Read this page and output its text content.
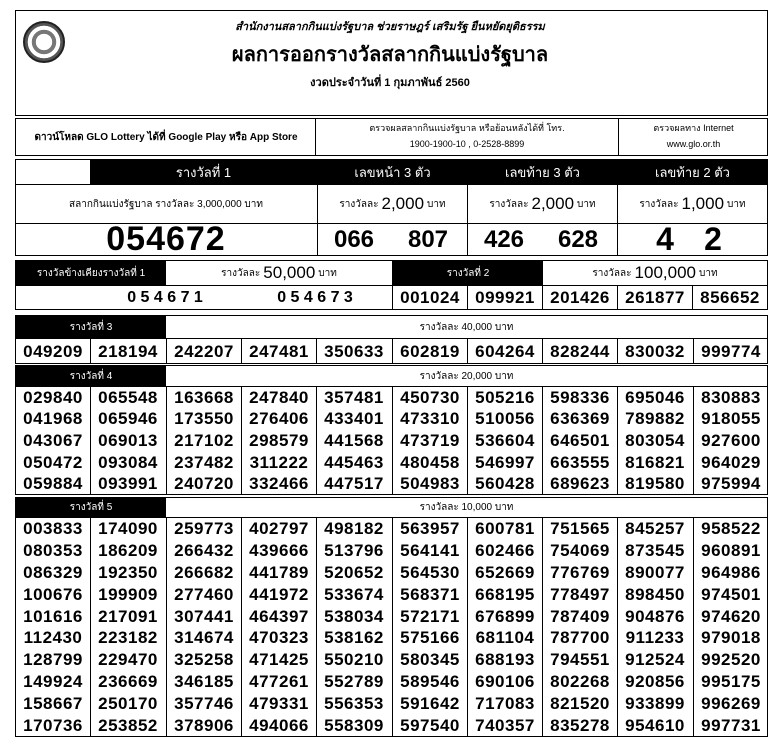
สำนักงานสลากกินแบ่งรัฐบาล ช่วยราษฎร์ เสริมรัฐ ยืนหยัดยุติธรรม
ผลการออกรางวัลสลากกินแบ่งรัฐบาล
งวดประจำวันที่ 1 กุมภาพันธ์ 2560
ดาวน์โหลด GLO Lottery ได้ที่ Google Play หรือ App Store
ตรวจผลสลากกินแบ่งรัฐบาล หรือย้อนหลังได้ที่ โทร.
1900-1900-10 , 0-2528-8899
ตรวจผลทาง Internet
www.glo.or.th
รางวัลที่ 1	เลขหน้า 3 ตัว	เลขท้าย 3 ตัว	เลขท้าย 2 ตัว
สลากกินแบ่งรัฐบาล รางวัลละ 3,000,000 บาท	รางวัลละ 2,000 บาท	รางวัลละ 2,000 บาท	รางวัลละ 1,000 บาท
054672	066	807	426	628	4 2
รางวัลข้างเคียงรางวัลที่ 1	รางวัลละ 50,000 บาท	รางวัลที่ 2	รางวัลละ 100,000 บาท
0 5 4 6 7 1	0 5 4 6 7 3	001024 099921 201426 261877 856652
รางวัลที่ 3	รางวัลละ 40,000 บาท
049209 218194 242207 247481 350633 602819 604264 828244 830032 999774
รางวัลที่ 4	รางวัลละ 20,000 บาท
029840 065548 163668 247840 357481 450730 505216 598336 695046 830883
041968 065946 173550 276406 433401 473310 510056 636369 789882 918055
043067 069013 217102 298579 441568 473719 536604 646501 803054 927600
050472 093084 237482 311222 445463 480458 546997 663555 816821 964029
059884 093991 240720 332466 447517 504983 560428 689623 819580 975994
รางวัลที่ 5	รางวัลละ 10,000 บาท
003833 174090 259773 402797 498182 563957 600781 751565 845257 958522
080353 186209 266432 439666 513796 564141 602466 754069 873545 960891
086329 192350 266682 441789 520652 564530 652669 776769 890077 964986
100676 199909 277460 441972 533674 568371 668195 778497 898450 974501
101616 217091 307441 464397 538034 572171 676899 787409 904876 974620
112430 223182 314674 470323 538162 575166 681104 787700 911233 979018
128799 229470 325258 471425 550210 580345 688193 794551 912524 992520
149924 236669 346185 477261 552789 589546 690106 802268 920856 995175
158667 250170 357746 479331 556353 591642 717083 821520 933899 996269
170736 253852 378906 494066 558309 597540 740357 835278 954610 997731
